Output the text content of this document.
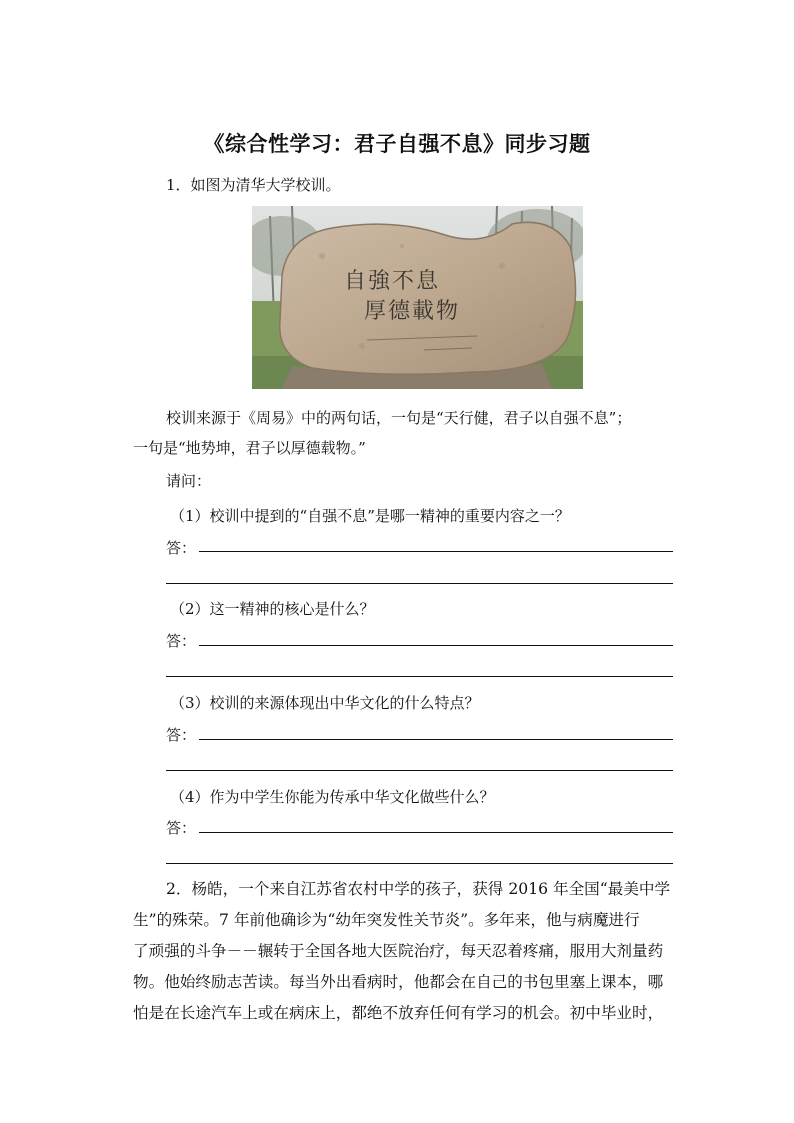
《综合性学习：君子自强不息》同步习题
1．如图为清华大学校训。
自強不息
厚德載物
校训来源于《周易》中的两句话，一句是“天行健，君子以自强不息”；
一句是“地势坤，君子以厚德载物。”
请问：
（1）校训中提到的“自强不息”是哪一精神的重要内容之一？
答：
（2）这一精神的核心是什么？
答：
（3）校训的来源体现出中华文化的什么特点？
答：
（4）作为中学生你能为传承中华文化做些什么？
答：

2．杨皓，一个来自江苏省农村中学的孩子，获得 2016 年全国“最美中学

生”的殊荣。7 年前他确诊为“幼年突发性关节炎”。多年来，他与病魔进行

了顽强的斗争－－辗转于全国各地大医院治疗，每天忍着疼痛，服用大剂量药

物。他始终励志苦读。每当外出看病时，他都会在自己的书包里塞上课本，哪

怕是在长途汽车上或在病床上，都绝不放弃任何有学习的机会。初中毕业时，
